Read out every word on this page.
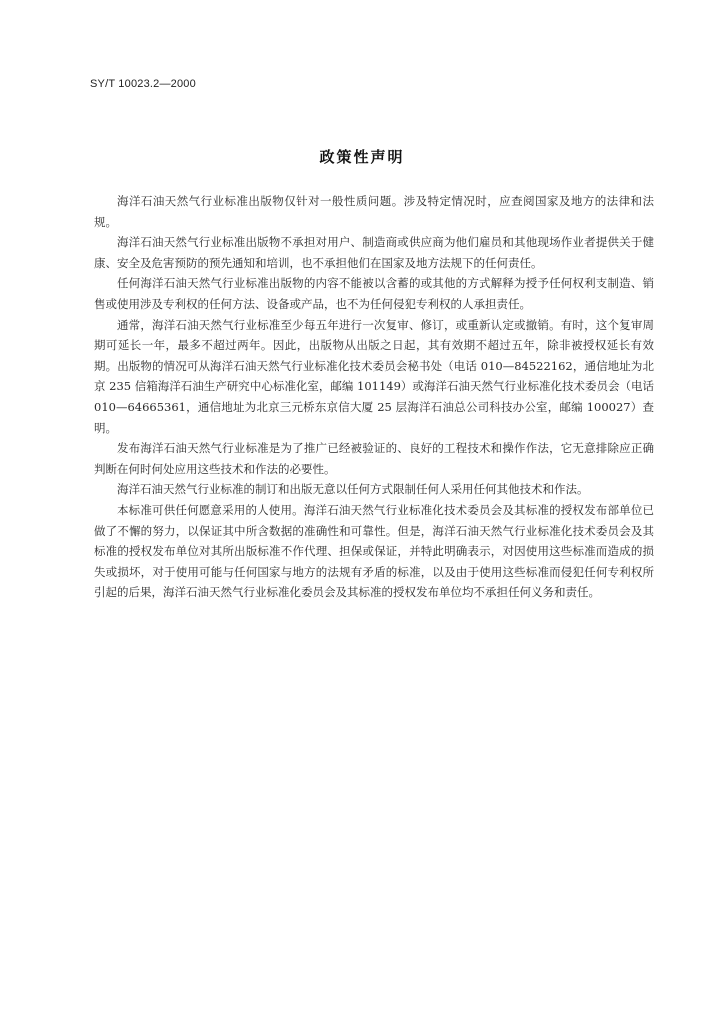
SY/T 10023.2—2000
政策性声明

海洋石油天然气行业标准出版物仅针对一般性质问题。涉及特定情况时，应查阅国家及地方的法律和法规。

海洋石油天然气行业标准出版物不承担对用户、制造商或供应商为他们雇员和其他现场作业者提供关于健康、安全及危害预防的预先通知和培训，也不承担他们在国家及地方法规下的任何责任。

任何海洋石油天然气行业标准出版物的内容不能被以含蓄的或其他的方式解释为授予任何权利支制造、销售或使用涉及专利权的任何方法、设备或产品，也不为任何侵犯专利权的人承担责任。

通常，海洋石油天然气行业标准至少每五年进行一次复审、修订，或重新认定或撤销。有时，这个复审周期可延长一年，最多不超过两年。因此，出版物从出版之日起，其有效期不超过五年，除非被授权延长有效期。出版物的情况可从海洋石油天然气行业标准化技术委员会秘书处（电话 010—84522162，通信地址为北京 235 信箱海洋石油生产研究中心标准化室，邮编 101149）或海洋石油天然气行业标准化技术委员会（电话 010—64665361，通信地址为北京三元桥东京信大厦 25 层海洋石油总公司科技办公室，邮编 100027）查明。

发布海洋石油天然气行业标准是为了推广已经被验证的、良好的工程技术和操作作法，它无意排除应正确判断在何时何处应用这些技术和作法的必要性。

海洋石油天然气行业标准的制订和出版无意以任何方式限制任何人采用任何其他技术和作法。

本标准可供任何愿意采用的人使用。海洋石油天然气行业标准化技术委员会及其标准的授权发布部单位已做了不懈的努力，以保证其中所含数据的准确性和可靠性。但是，海洋石油天然气行业标准化技术委员会及其标准的授权发布单位对其所出版标准不作代理、担保或保证，并特此明确表示，对因使用这些标准而造成的损失或损坏，对于使用可能与任何国家与地方的法规有矛盾的标准，以及由于使用这些标准而侵犯任何专利权所引起的后果，海洋石油天然气行业标准化委员会及其标准的授权发布单位均不承担任何义务和责任。
